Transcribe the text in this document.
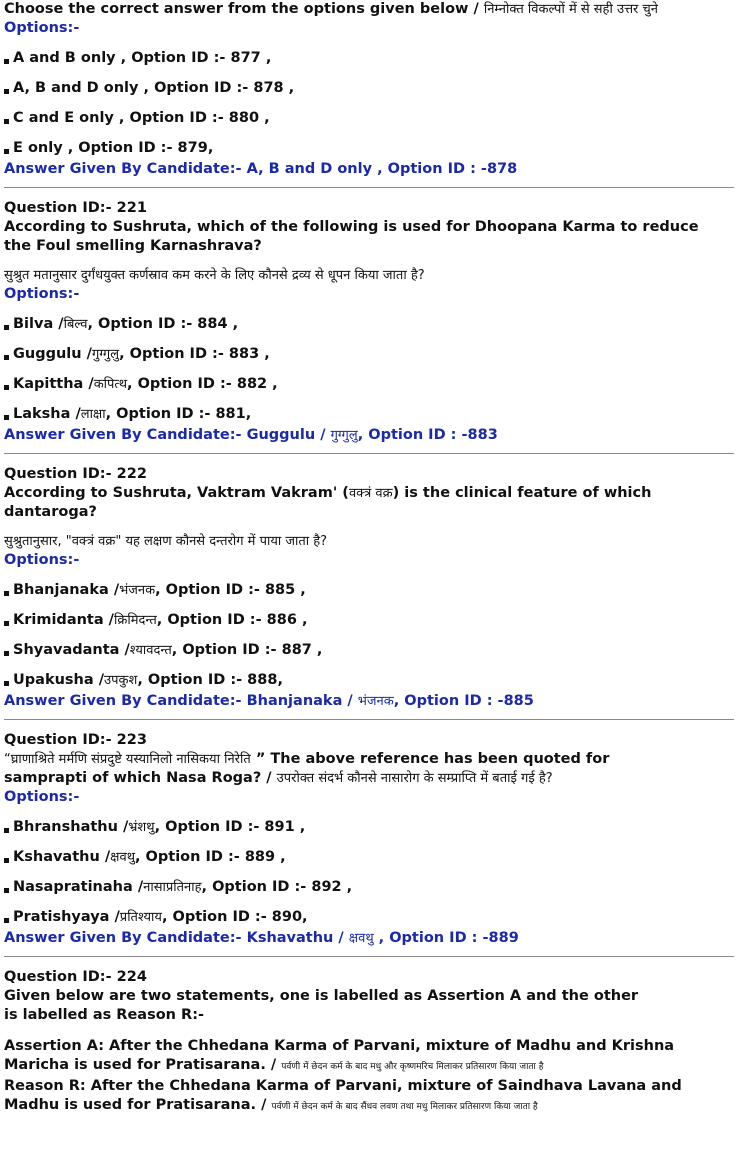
Choose the correct answer from the options given below / निम्नोक्त विकल्पों में से सही उत्तर चुने
Options:-
A and B only , Option ID :- 877 ,
A, B and D only , Option ID :- 878 ,
C and E only , Option ID :- 880 ,
E only , Option ID :- 879,
Answer Given By Candidate:- A, B and D only , Option ID : -878
Question ID:- 221
According to Sushruta, which of the following is used for Dhoopana Karma to reduce
the Foul smelling Karnashrava?
सुश्रुत मतानुसार दुर्गंधयुक्त कर्णस्राव कम करने के लिए कौनसे द्रव्य से धूपन किया जाता है?
Options:-
Bilva / बिल्व , Option ID :- 884 ,
Guggulu / गुग्गुलु , Option ID :- 883 ,
Kapittha / कपित्थ , Option ID :- 882 ,
Laksha / लाक्षा , Option ID :- 881,
Answer Given By Candidate:- Guggulu / गुग्गुलु, Option ID : -883
Question ID:- 222
According to Sushruta, Vaktram Vakram' (वक्त्रं वक्र) is the clinical feature of which
dantaroga?
सुश्रुतानुसार, "वक्त्रं वक्र" यह लक्षण कौनसे दन्तरोग में पाया जाता है?
Options:-
Bhanjanaka / भंजनक , Option ID :- 885 ,
Krimidanta / क्रिमिदन्त , Option ID :- 886 ,
Shyavadanta / श्यावदन्त , Option ID :- 887 ,
Upakusha / उपकुश , Option ID :- 888,
Answer Given By Candidate:- Bhanjanaka / भंजनक, Option ID : -885
Question ID:- 223
“घ्राणाश्रिते मर्मणि संप्रदुष्टे यस्यानिलो नासिकया निरेति ” The above reference has been quoted for
samprapti of which Nasa Roga? / उपरोक्त संदर्भ कौनसे नासारोग के सम्प्राप्ति में बताई गई है?
Options:-
Bhranshathu / भ्रंशथु , Option ID :- 891 ,
Kshavathu / क्षवथु , Option ID :- 889 ,
Nasapratinaha / नासाप्रतिनाह , Option ID :- 892 ,
Pratishyaya / प्रतिश्याय , Option ID :- 890,
Answer Given By Candidate:- Kshavathu / क्षवथु , Option ID : -889
Question ID:- 224
Given below are two statements, one is labelled as Assertion A and the other
is labelled as Reason R:-
Assertion A: After the Chhedana Karma of Parvani, mixture of Madhu and Krishna
Maricha is used for Pratisarana. / पर्वणी में छेदन कर्म के बाद मधु और कृष्णमरिच मिलाकर प्रतिसारण किया जाता है
Reason R: After the Chhedana Karma of Parvani, mixture of Saindhava Lavana and
Madhu is used for Pratisarana. / पर्वणी में छेदन कर्म के बाद सैंधव लवण तथा मधु मिलाकर प्रतिसारण किया जाता है
